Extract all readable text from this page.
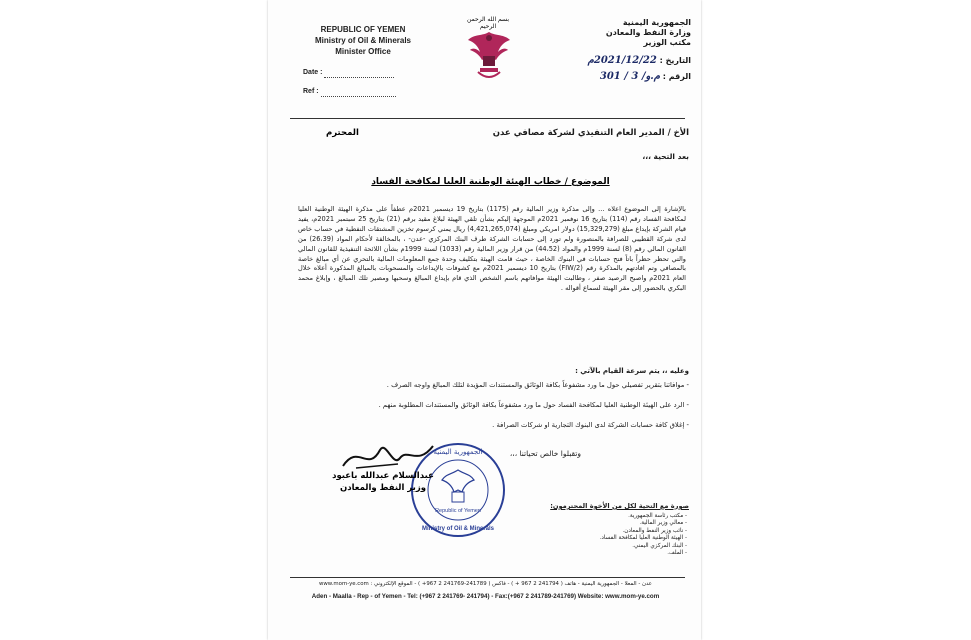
REPUBLIC OF YEMEN
Ministry of Oil & Minerals
Minister Office
Date :
Ref :
بسم الله الرحمن الرحيم	الجمهورية اليمنية
وزارة النفط والمعادن
مكتب الوزير
التاريخ : 2021/12/22م
الرقم : م.و/ 3 / 301
الأخ / المدير العام التنفيذي لشركة مصافي عدن
المحترم
بعد التحية ،،،
الموضوع / خطاب الهيئة الوطنية العليا لمكافحة الفساد
بالإشارة إلى الموضوع اعلاه ... وإلى مذكرة وزير المالية رقم (1175) بتاريخ 19 ديسمبر 2021م عطفاً على مذكرة الهيئة الوطنية العليا لمكافحة الفساد رقم (114) بتاريخ 16 نوفمبر 2021م الموجهة إليكم بشأن تلقي الهيئة لبلاغ مقيد برقم (21) بتاريخ 25 سبتمبر 2021م، يفيد قيام الشركة بإيداع مبلغ (15,329,279) دولار امريكي ومبلغ (4,421,265,074) ريال يمني كرسوم تخزين المشتقات النفطية في حساب خاص لدى شركة القطيبي للصرافة بالمنصورة ولم تورد إلى حسابات الشركة طرف البنك المركزي -عدن- ، بالمخالفة لأحكام المواد (26،39) من القانون المالي رقم (8) لسنة 1999م والمواد (44،52) من قرار وزير المالية رقم (1033) لسنة 1999م بشأن اللائحة التنفيذية للقانون المالي والتي تحظر حظراً باتاً فتح حسابات في البنوك الخاصة ، حيث قامت الهيئة بتكليف وحدة جمع المعلومات المالية بالتحري عن أي مبالغ خاصة بالمصافي وتم افادتهم بالمذكرة رقم (2/FIW) بتاريخ 10 ديسمبر 2021م مع كشوفات بالإيداعات والمسحوبات بالمبالغ المذكورة أعلاه خلال العام 2021م واصبح الرصيد صفر ، وطالبت الهيئة موافاتهم باسم الشخص الذي قام بإيداع المبالغ وسحبها ومصير تلك المبالغ ، وإبلاغ محمد البكري بالحضور إلى مقر الهيئة لسماع أقواله .
وعليه ،، يتم سرعة القيام بالآتي :
- موافاتنا بتقرير تفصيلي حول ما ورد مشفوعاً بكافة الوثائق والمستندات المؤيدة لتلك المبالغ واوجه الصرف .
- الرد على الهيئة الوطنية العليا لمكافحة الفساد حول ما ورد مشفوعاً بكافة الوثائق والمستندات المطلوبة منهم .
- إغلاق كافة حسابات الشركة لدى البنوك التجارية او شركات الصرافة .
وتقبلوا خالص تحياتنا ،،،
الجمهورية اليمنية
Republic of Yemen
Ministry of Oil & Minerals
عبدالسلام عبدالله باعبود
وزير النفط والمعادن
صورة مع التحية لكل من الأخوة المحترمون:
- مكتب رئاسة الجمهورية.
- معالي وزير المالية.
- نائب وزير النفط والمعادن.
- الهيئة الوطنية العليا لمكافحة الفساد.
- البنك المركزي اليمني.
- الملف.
عدن - المعلا - الجمهورية اليمنية - هاتف ( 241794 2 967 + ) - فاكس ( 241789-241769 2 967+ ) - الموقع الإلكتروني : www.mom-ye.com
Aden - Maalla - Rep - of Yemen - Tel: (+967 2 241769- 241794) - Fax:(+967 2 241789-241769) Website: www.mom-ye.com
